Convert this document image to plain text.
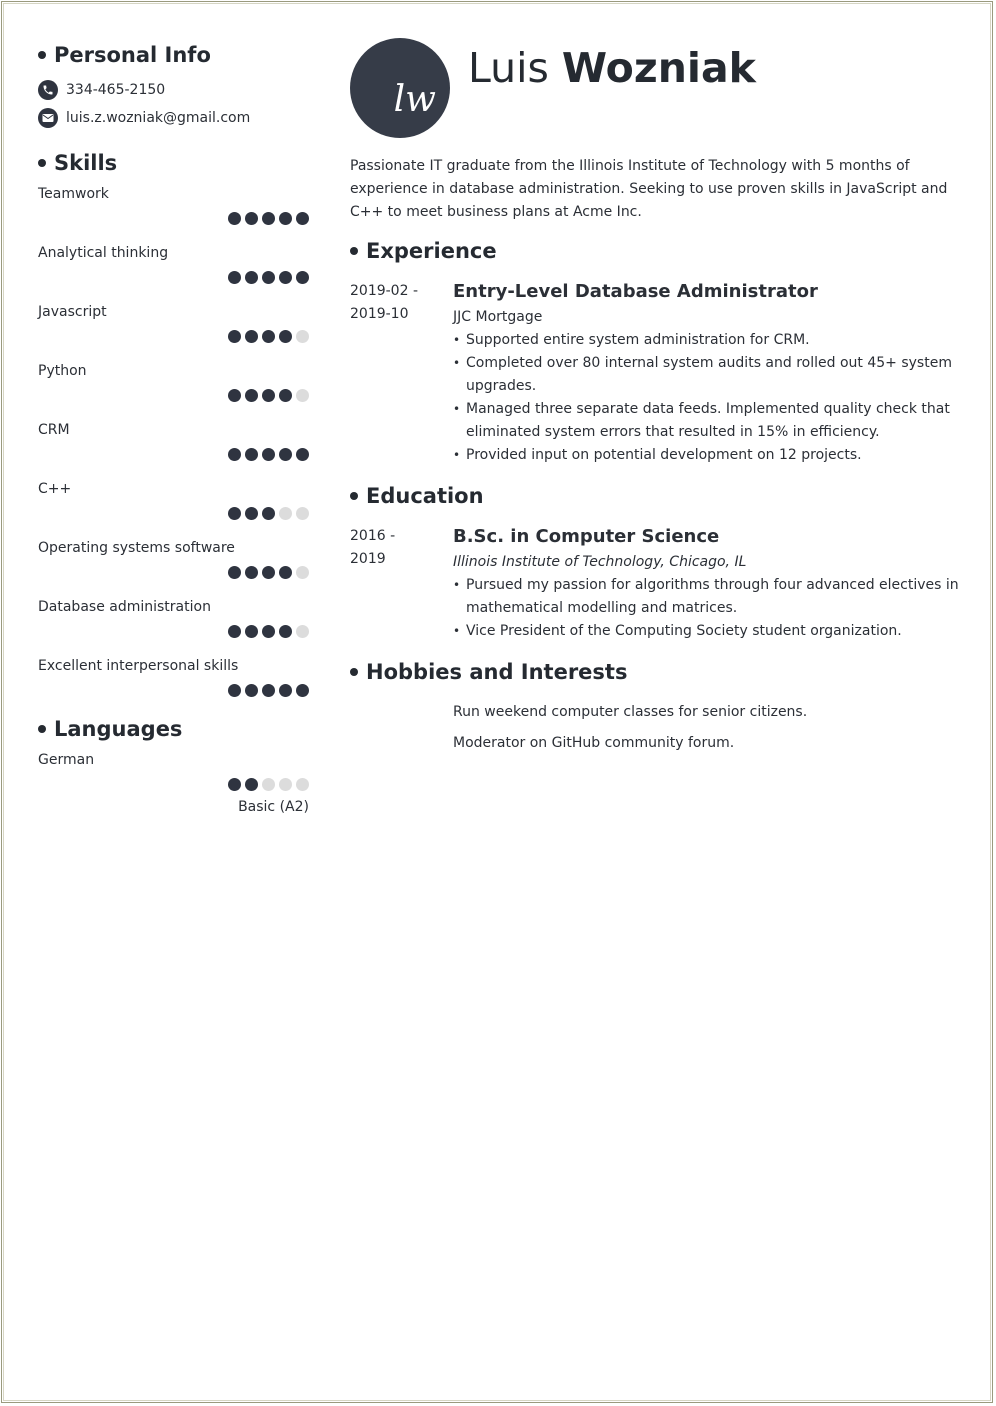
Personal Info
334-465-2150
luis.z.wozniak@gmail.com
Skills
Teamwork
Analytical thinking
Javascript
Python
CRM
C++
Operating systems software
Database administration
Excellent interpersonal skills
Languages
German
Basic (A2)
lw
Luis Wozniak
Passionate IT graduate from the Illinois Institute of Technology with 5 months of experience in database administration. Seeking to use proven skills in JavaScript and C++ to meet business plans at Acme Inc.
Experience
2019-02 -
2019-10
Entry-Level Database Administrator
JJC Mortgage
• Supported entire system administration for CRM.
• Completed over 80 internal system audits and rolled out 45+ system upgrades.
• Managed three separate data feeds. Implemented quality check that eliminated system errors that resulted in 15% in efficiency.
• Provided input on potential development on 12 projects.
Education
2016 -
2019
B.Sc. in Computer Science
Illinois Institute of Technology, Chicago, IL
• Pursued my passion for algorithms through four advanced electives in mathematical modelling and matrices.
• Vice President of the Computing Society student organization.
Hobbies and Interests

Run weekend computer classes for senior citizens.

Moderator on GitHub community forum.
